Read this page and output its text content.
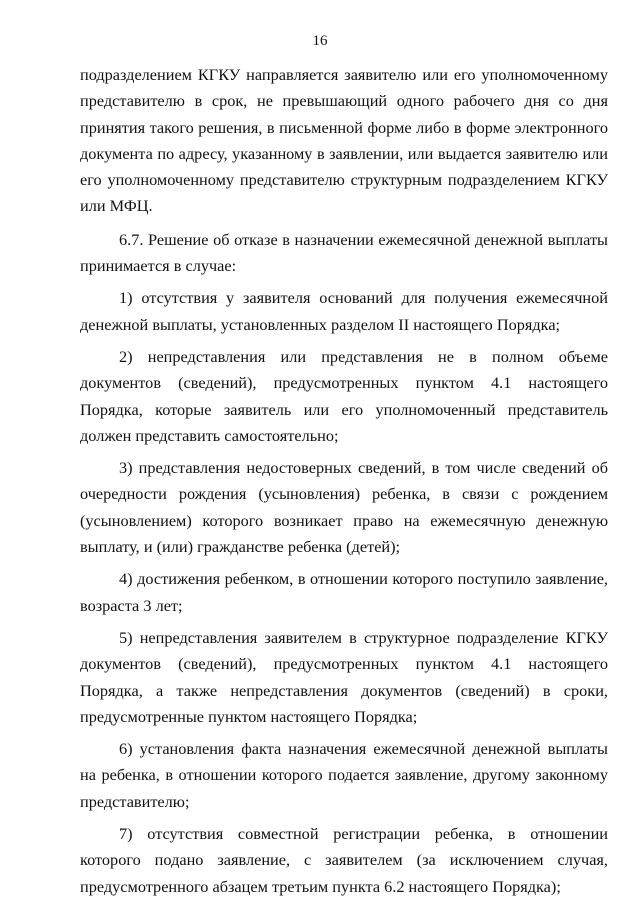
16

подразделением КГКУ направляется заявителю или его уполномоченному представителю в срок, не превышающий одного рабочего дня со дня принятия такого решения, в письменной форме либо в форме электронного документа по адресу, указанному в заявлении, или выдается заявителю или его уполномоченному представителю структурным подразделением КГКУ или МФЦ.

6.7. Решение об отказе в назначении ежемесячной денежной выплаты принимается в случае:

1) отсутствия у заявителя оснований для получения ежемесячной денежной выплаты, установленных разделом II настоящего Порядка;

2) непредставления или представления не в полном объеме документов (сведений), предусмотренных пунктом 4.1 настоящего Порядка, которые заявитель или его уполномоченный представитель должен представить самостоятельно;

3) представления недостоверных сведений, в том числе сведений об очередности рождения (усыновления) ребенка, в связи с рождением (усыновлением) которого возникает право на ежемесячную денежную выплату, и (или) гражданстве ребенка (детей);

4) достижения ребенком, в отношении которого поступило заявление, возраста 3 лет;

5) непредставления заявителем в структурное подразделение КГКУ документов (сведений), предусмотренных пунктом 4.1 настоящего Порядка, а также непредставления документов (сведений) в сроки, предусмотренные пунктом настоящего Порядка;

6) установления факта назначения ежемесячной денежной выплаты на ребенка, в отношении которого подается заявление, другому законному представителю;

7) отсутствия совместной регистрации ребенка, в отношении которого подано заявление, с заявителем (за исключением случая, предусмотренного абзацем третьим пункта 6.2 настоящего Порядка);
